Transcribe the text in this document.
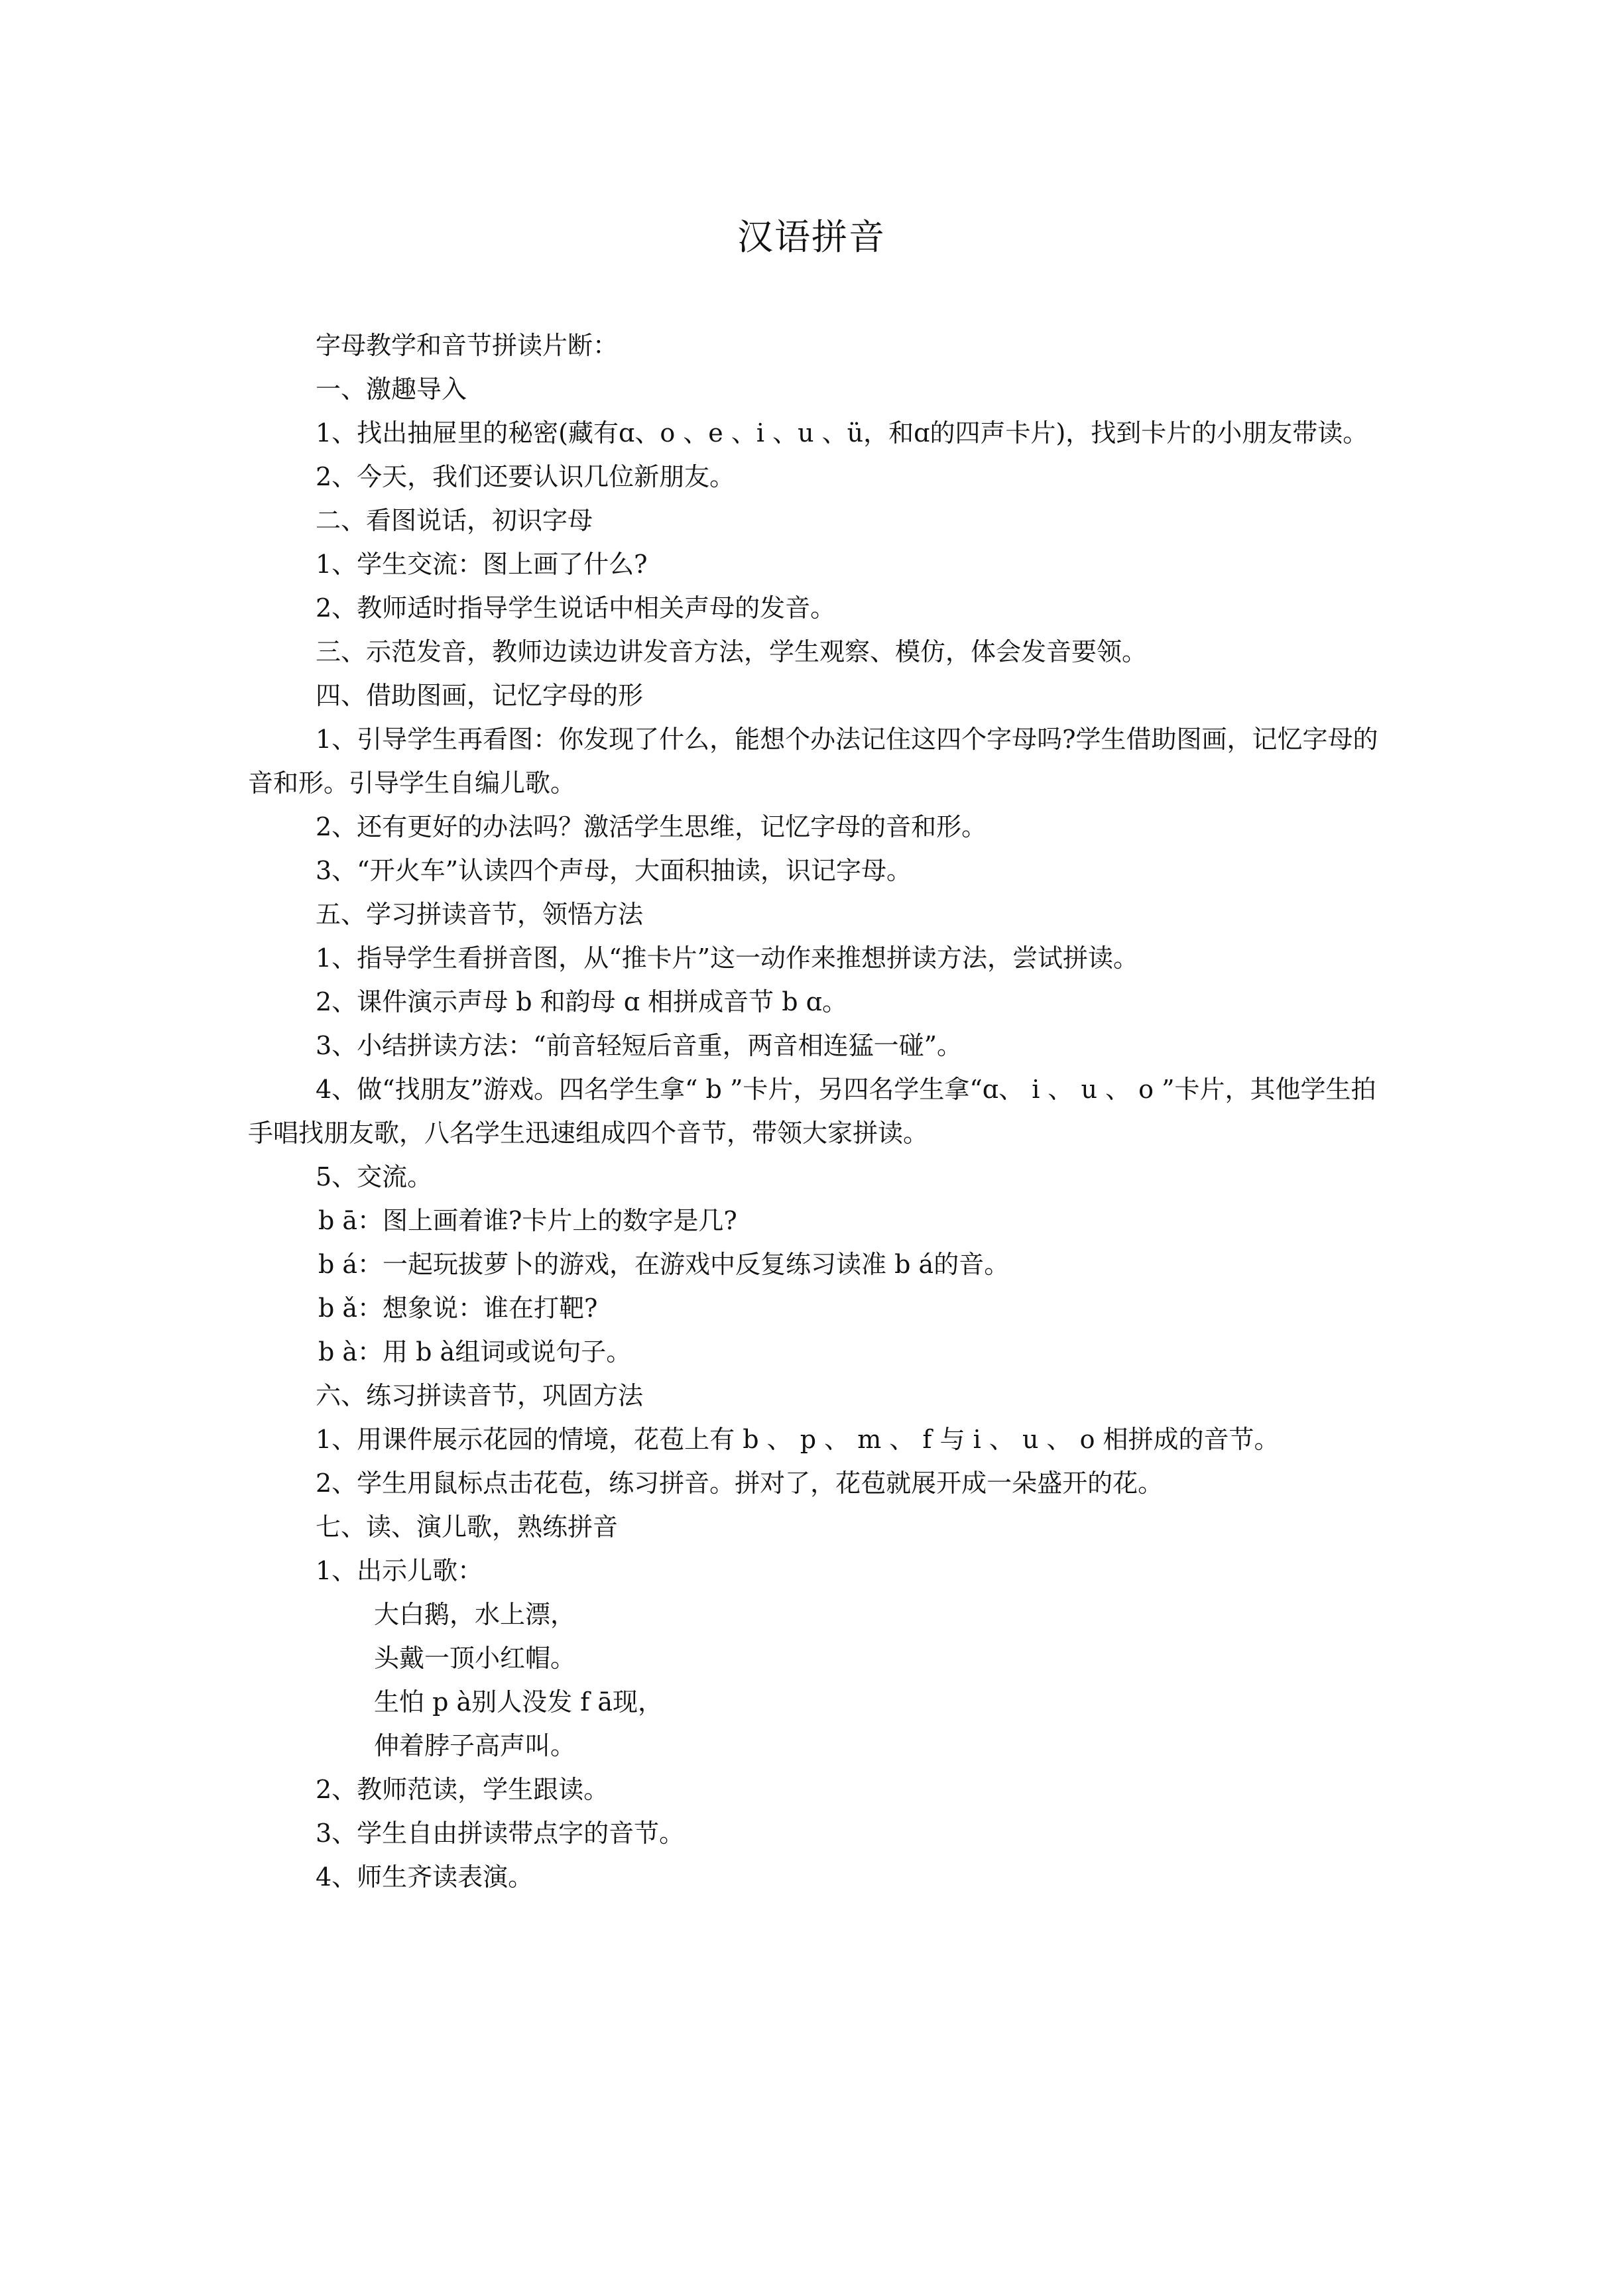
汉语拼音

字母教学和音节拼读片断：

一、激趣导入

1、找出抽屉里的秘密(藏有ɑ、o 、e 、i 、u 、ü，和ɑ的四声卡片)，找到卡片的小朋友带读。

2、今天，我们还要认识几位新朋友。

二、看图说话，初识字母

1、学生交流：图上画了什么?

2、教师适时指导学生说话中相关声母的发音。

三、示范发音，教师边读边讲发音方法，学生观察、模仿，体会发音要领。

四、借助图画，记忆字母的形

1、引导学生再看图：你发现了什么，能想个办法记住这四个字母吗?学生借助图画，记忆字母的音和形。引导学生自编儿歌。

2、还有更好的办法吗？激活学生思维，记忆字母的音和形。

3、“开火车”认读四个声母，大面积抽读，识记字母。

五、学习拼读音节，领悟方法

1、指导学生看拼音图，从“推卡片”这一动作来推想拼读方法，尝试拼读。

2、课件演示声母 b 和韵母 ɑ 相拼成音节 b ɑ。

3、小结拼读方法：“前音轻短后音重，两音相连猛一碰”。

4、做“找朋友”游戏。四名学生拿“ b ”卡片，另四名学生拿“ɑ、 i 、 u 、 o ”卡片，其他学生拍手唱找朋友歌，八名学生迅速组成四个音节，带领大家拼读。

5、交流。

b ā：图上画着谁?卡片上的数字是几?

b á：一起玩拔萝卜的游戏，在游戏中反复练习读准 b á的音。

b ǎ：想象说：谁在打靶?

b à：用 b à组词或说句子。

六、练习拼读音节，巩固方法

1、用课件展示花园的情境，花苞上有 b 、 p 、 m 、 f 与 i 、 u 、 o 相拼成的音节。

2、学生用鼠标点击花苞，练习拼音。拼对了，花苞就展开成一朵盛开的花。

七、读、演儿歌，熟练拼音

1、出示儿歌：

大白鹅，水上漂，

头戴一顶小红帽。

生怕 p à别人没发 f ā现，

伸着脖子高声叫。

2、教师范读，学生跟读。

3、学生自由拼读带点字的音节。

4、师生齐读表演。
